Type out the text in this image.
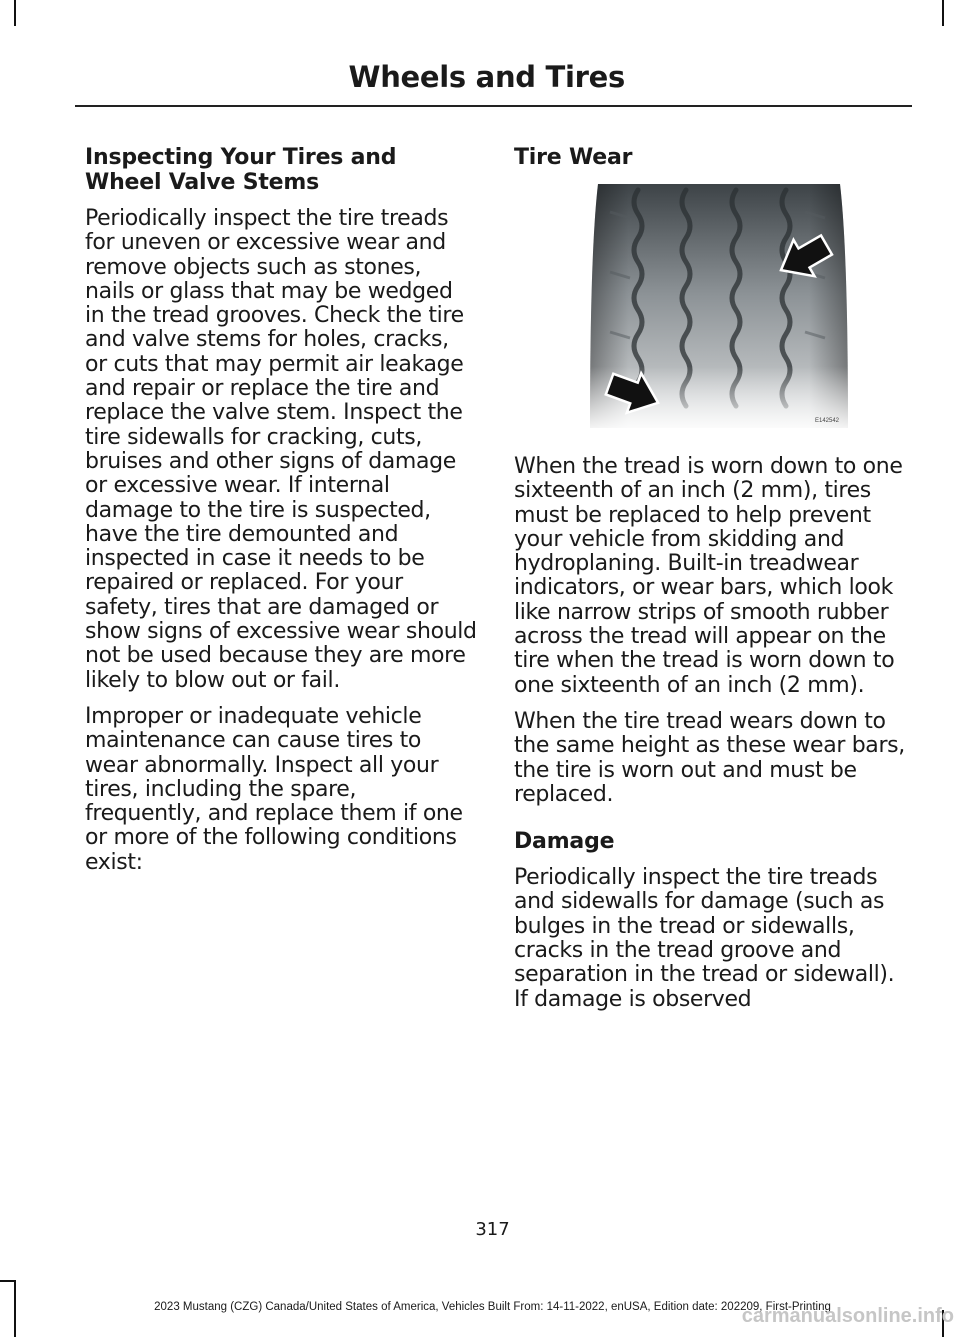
Wheels and Tires
Inspecting Your Tires and Wheel Valve Stems

Periodically inspect the tire treads for uneven or excessive wear and remove objects such as stones, nails or glass that may be wedged in the tread grooves. Check the tire and valve stems for holes, cracks, or cuts that may permit air leakage and repair or replace the tire and replace the valve stem. Inspect the tire sidewalls for cracking, cuts, bruises and other signs of damage or excessive wear. If internal damage to the tire is suspected, have the tire demounted and inspected in case it needs to be repaired or replaced. For your safety, tires that are damaged or show signs of excessive wear should not be used because they are more likely to blow out or fail.

Improper or inadequate vehicle maintenance can cause tires to wear abnormally. Inspect all your tires, including the spare, frequently, and replace them if one or more of the following conditions exist:

Tire Wear
E142542

When the tread is worn down to one sixteenth of an inch (2 mm), tires must be replaced to help prevent your vehicle from skidding and hydroplaning. Built-in treadwear indicators, or wear bars, which look like narrow strips of smooth rubber across the tread will appear on the tire when the tread is worn down to one sixteenth of an inch (2 mm).

When the tire tread wears down to the same height as these wear bars, the tire is worn out and must be replaced.

Damage

Periodically inspect the tire treads and sidewalls for damage (such as bulges in the tread or sidewalls, cracks in the tread groove and separation in the tread or sidewall). If damage is observed

317
2023 Mustang (CZG) Canada/United States of America, Vehicles Built From: 14-11-2022, enUSA, Edition date: 202209, First-Printing
carmanualsonline.info
